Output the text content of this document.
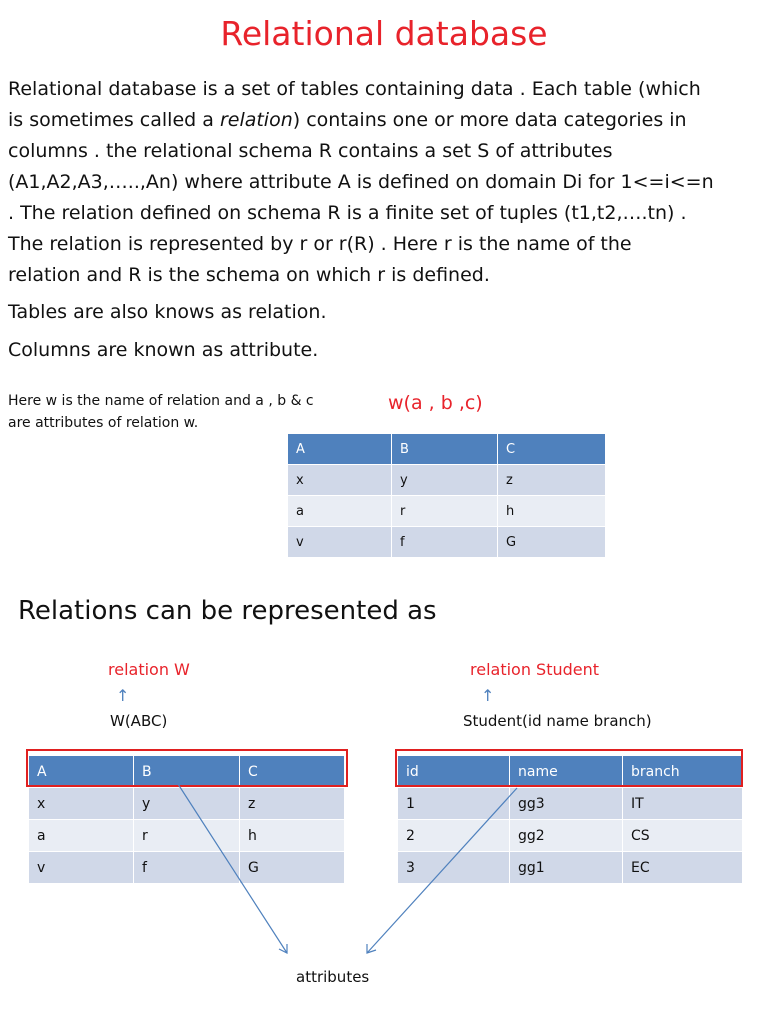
Relational database
Relational database is a set of tables containing data . Each table (which
is sometimes called a relation) contains one or more data categories in
columns . the relational schema R contains a set S of attributes
(A1,A2,A3,…..,An) where attribute A is defined on domain Di for 1<=i<=n
. The relation defined on schema R is a finite set of tuples (t1,t2,….tn) .
The relation is represented by r or r(R) . Here r is the name of the
relation and R is the schema on which r is defined.
Tables are also knows as relation.
Columns are known as attribute.
Here w is the name of relation and a , b & c
are attributes of relation w.
w(a , b ,c)
A	B	C
x	y	z
a	r	h
v	f	G
Relations can be represented as
relation W
↑
W(ABC)
relation Student
↑
Student(id name branch)
A	B	C
x	y	z
a	r	h
v	f	G
id	name	branch
1	gg3	IT
2	gg2	CS
3	gg1	EC
attributes
